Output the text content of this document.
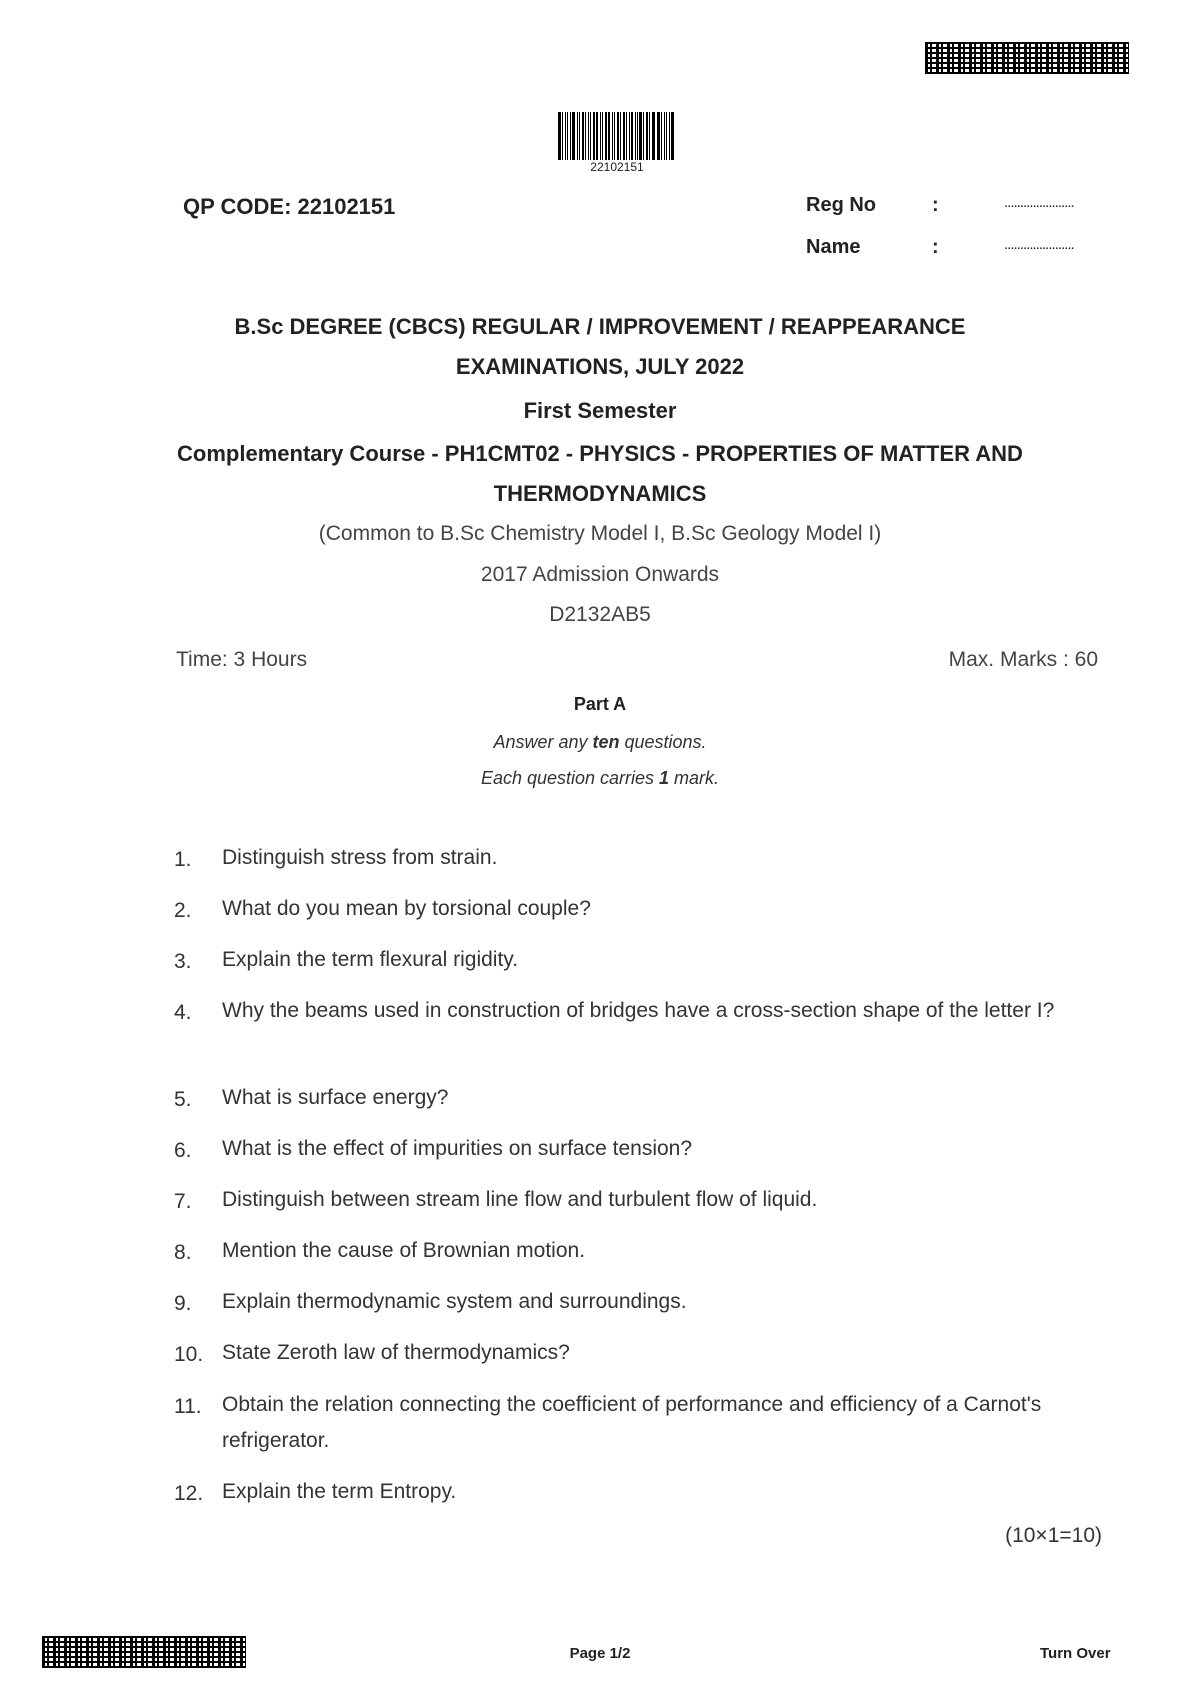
22102151
QP CODE: 22102151	Reg No	:	......................
Name	:	......................
B.Sc DEGREE (CBCS) REGULAR / IMPROVEMENT / REAPPEARANCE
EXAMINATIONS, JULY 2022
First Semester
Complementary Course - PH1CMT02 - PHYSICS - PROPERTIES OF MATTER AND
THERMODYNAMICS
(Common to B.Sc Chemistry Model I, B.Sc Geology Model I)
2017 Admission Onwards
D2132AB5
Time: 3 Hours	Max. Marks : 60
Part A
Answer any ten questions.
Each question carries 1 mark.
1. Distinguish stress from strain.
2. What do you mean by torsional couple?
3. Explain the term flexural rigidity.
4. Why the beams used in construction of bridges have a cross-section shape of the letter I?
5. What is surface energy?
6. What is the effect of impurities on surface tension?
7. Distinguish between stream line flow and turbulent flow of liquid.
8. Mention the cause of Brownian motion.
9. Explain thermodynamic system and surroundings.
10. State Zeroth law of thermodynamics?
11. Obtain the relation connecting the coefficient of performance and efficiency of a Carnot's refrigerator.
12. Explain the term Entropy.
(10×1=10)
Page 1/2	Turn Over
